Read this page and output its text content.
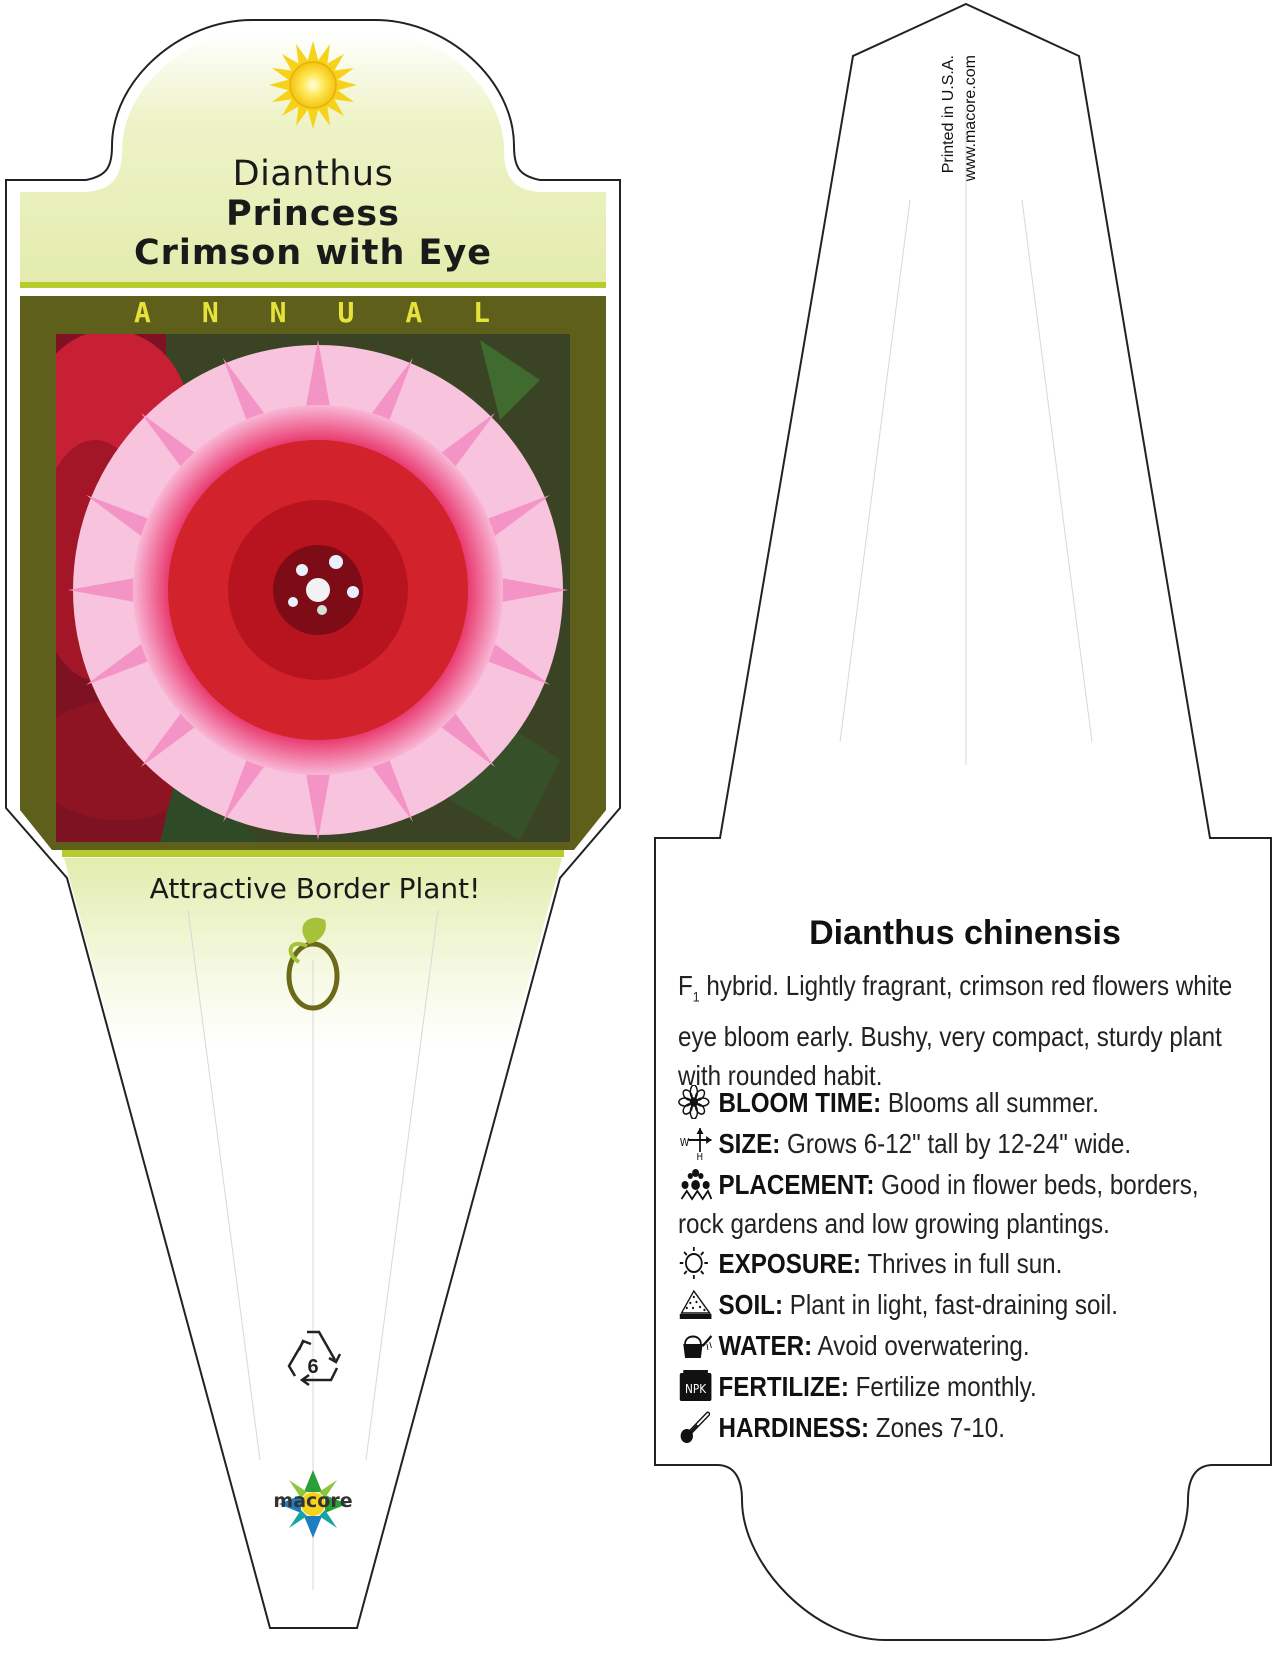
Dianthus
Princess
Crimson with Eye
A N N U A L
Attractive Border Plant!
6
macore
Printed in U.S.A. www.macore.com
Dianthus chinensis
$F_1$ hybrid. Lightly fragrant, crimson red flowers white eye bloom early. Bushy, very compact, sturdy plant with rounded habit.
BLOOM TIME: Blooms all summer.
W
H SIZE: Grows 6-12" tall by 12-24" wide.
PLACEMENT: Good in flower beds, borders, rock gardens and low growing plantings.
EXPOSURE: Thrives in full sun.
SOIL: Plant in light, fast-draining soil.
WATER: Avoid overwatering.
NPK FERTILIZE: Fertilize monthly.
HARDINESS: Zones 7-10.
